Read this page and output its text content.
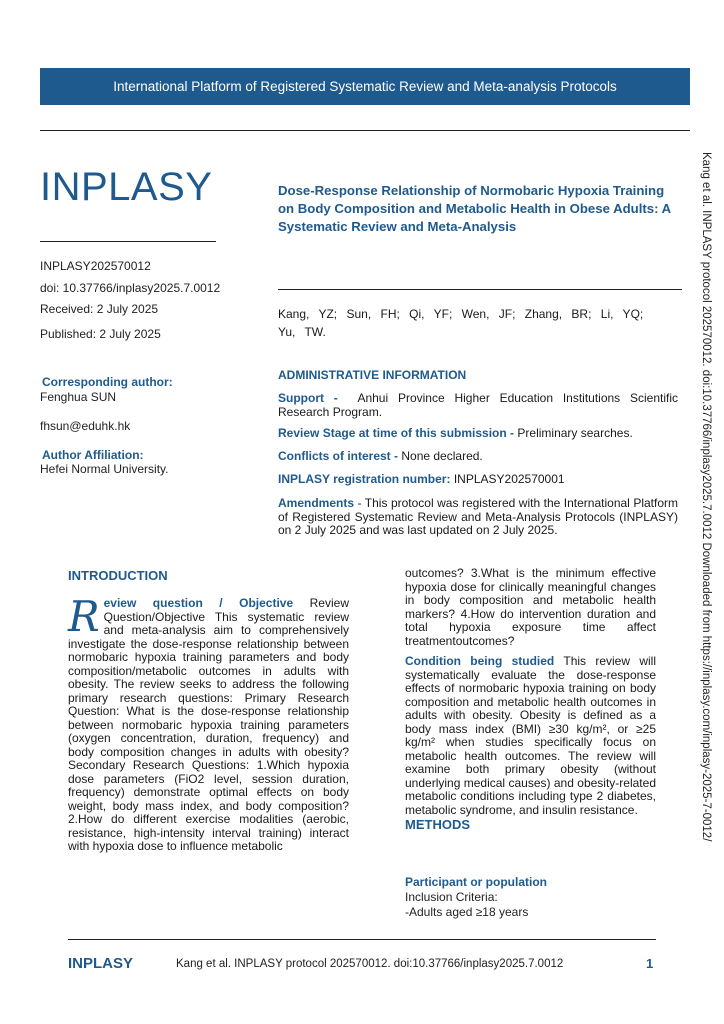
International Platform of Registered Systematic Review and Meta-analysis Protocols
INPLASY	Dose-Response Relationship of Normobaric Hypoxia Training on Body Composition and Metabolic Health in Obese Adults: A Systematic Review and Meta-Analysis
INPLASY202570012
doi: 10.37766/inplasy2025.7.0012
Received: 2 July 2025
Published: 2 July 2025
Corresponding author:
Fenghua SUN
fhsun@eduhk.hk
Author Affiliation:
Hefei Normal University.
Kang, YZ; Sun, FH; Qi, YF; Wen, JF; Zhang, BR; Li, YQ;
Yu, TW.
ADMINISTRATIVE INFORMATION
Support - Anhui Province Higher Education Institutions Scientific Research Program.
Review Stage at time of this submission - Preliminary searches.
Conflicts of interest - None declared.
INPLASY registration number: INPLASY202570001
Amendments - This protocol was registered with the International Platform of Registered Systematic Review and Meta-Analysis Protocols (INPLASY) on 2 July 2025 and was last updated on 2 July 2025.
INTRODUCTION
Review question / Objective Review Question/Objective This systematic review and meta-analysis aim to comprehensively investigate the dose-response relationship between normobaric hypoxia training parameters and body composition/metabolic outcomes in adults with obesity. The review seeks to address the following primary research questions: Primary Research Question: What is the dose-response relationship between normobaric hypoxia training parameters (oxygen concentration, duration, frequency) and body composition changes in adults with obesity? Secondary Research Questions: 1.Which hypoxia dose parameters (FiO2 level, session duration, frequency) demonstrate optimal effects on body weight, body mass index, and body composition? 2.How do different exercise modalities (aerobic, resistance, high-intensity interval training) interact with hypoxia dose to influence metabolic
outcomes? 3.What is the minimum effective hypoxia dose for clinically meaningful changes in body composition and metabolic health markers? 4.How do intervention duration and total hypoxia exposure time affect treatmentoutcomes?
Condition being studied This review will systematically evaluate the dose-response effects of normobaric hypoxia training on body composition and metabolic health outcomes in adults with obesity. Obesity is defined as a body mass index (BMI) ≥30 kg/m², or ≥25 kg/m² when studies specifically focus on metabolic health outcomes. The review will examine both primary obesity (without underlying medical causes) and obesity-related metabolic conditions including type 2 diabetes, metabolic syndrome, and insulin resistance.
METHODS
Participant or population
Inclusion Criteria:
-Adults aged ≥18 years
Kang et al. INPLASY protocol 202570012. doi:10.37766/inplasy2025.7.0012 Downloaded from https://inplasy.com/inplasy-2025-7-0012/
INPLASY	Kang et al. INPLASY protocol 202570012. doi:10.37766/inplasy2025.7.0012	1
